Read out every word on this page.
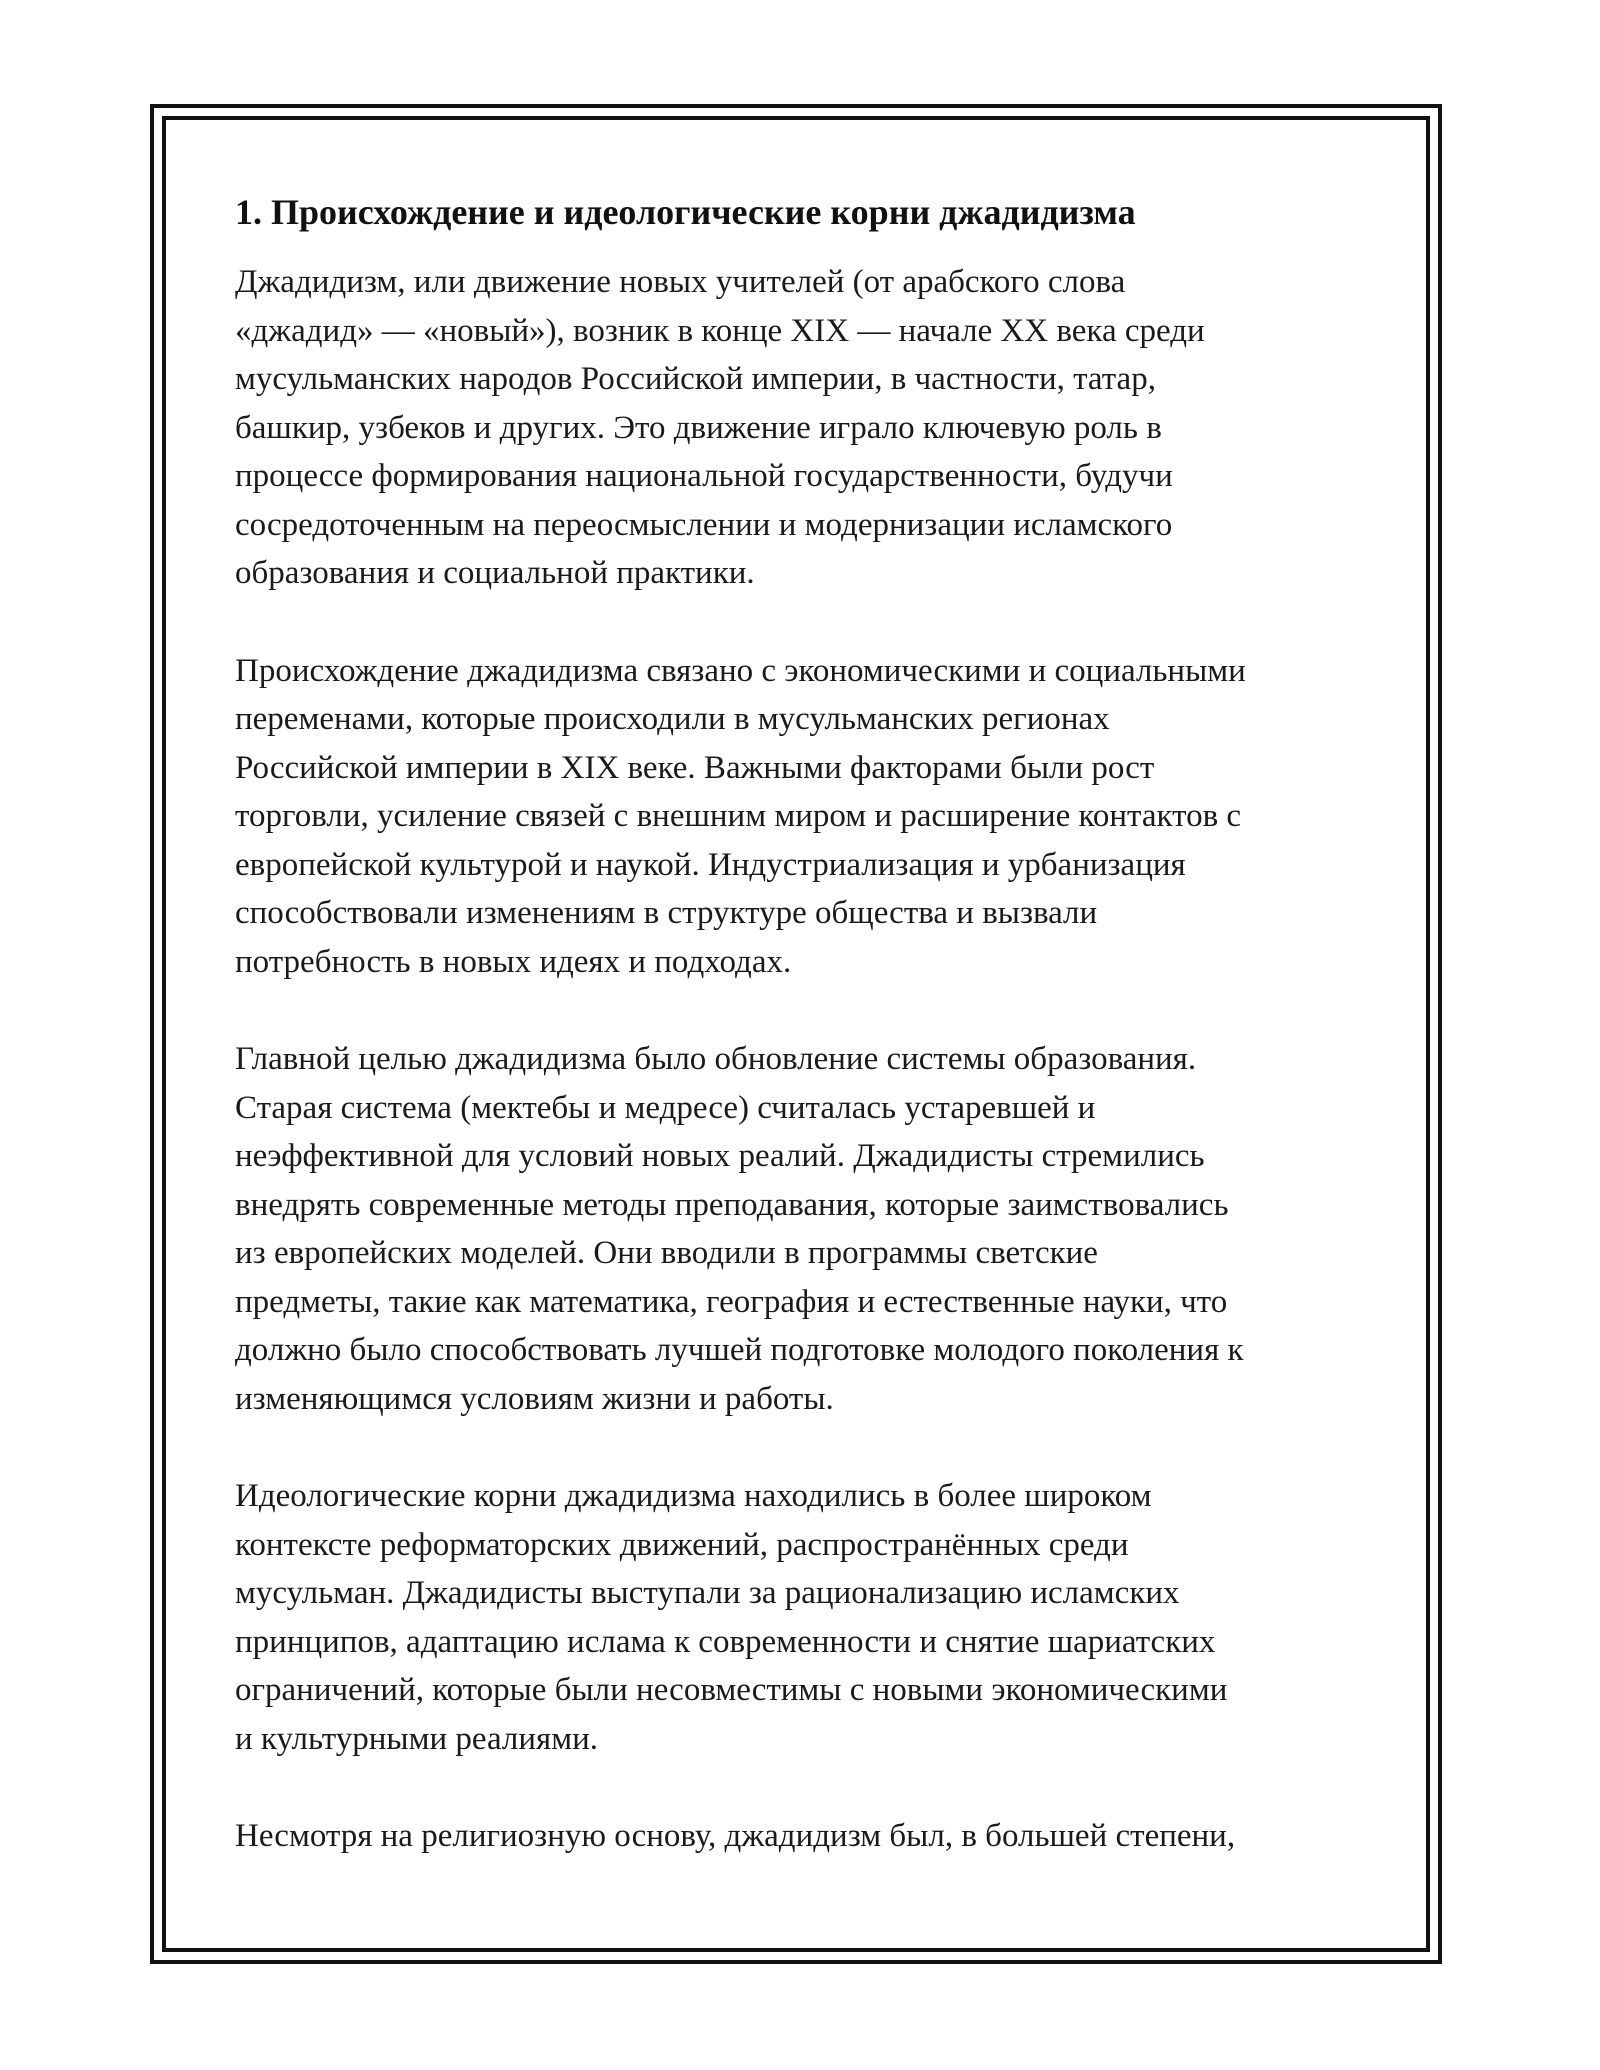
1. Происхождение и идеологические корни джадидизма
Джадидизм, или движение новых учителей (от арабского слова
«джадид» — «новый»), возник в конце XIX — начале XX века среди
мусульманских народов Российской империи, в частности, татар,
башкир, узбеков и других. Это движение играло ключевую роль в
процессе формирования национальной государственности, будучи
сосредоточенным на переосмыслении и модернизации исламского
образования и социальной практики.
Происхождение джадидизма связано с экономическими и социальными
переменами, которые происходили в мусульманских регионах
Российской империи в XIX веке. Важными факторами были рост
торговли, усиление связей с внешним миром и расширение контактов с
европейской культурой и наукой. Индустриализация и урбанизация
способствовали изменениям в структуре общества и вызвали
потребность в новых идеях и подходах.
Главной целью джадидизма было обновление системы образования.
Старая система (мектебы и медресе) считалась устаревшей и
неэффективной для условий новых реалий. Джадидисты стремились
внедрять современные методы преподавания, которые заимствовались
из европейских моделей. Они вводили в программы светские
предметы, такие как математика, география и естественные науки, что
должно было способствовать лучшей подготовке молодого поколения к
изменяющимся условиям жизни и работы.
Идеологические корни джадидизма находились в более широком
контексте реформаторских движений, распространённых среди
мусульман. Джадидисты выступали за рационализацию исламских
принципов, адаптацию ислама к современности и снятие шариатских
ограничений, которые были несовместимы с новыми экономическими
и культурными реалиями.
Несмотря на религиозную основу, джадидизм был, в большей степени,
